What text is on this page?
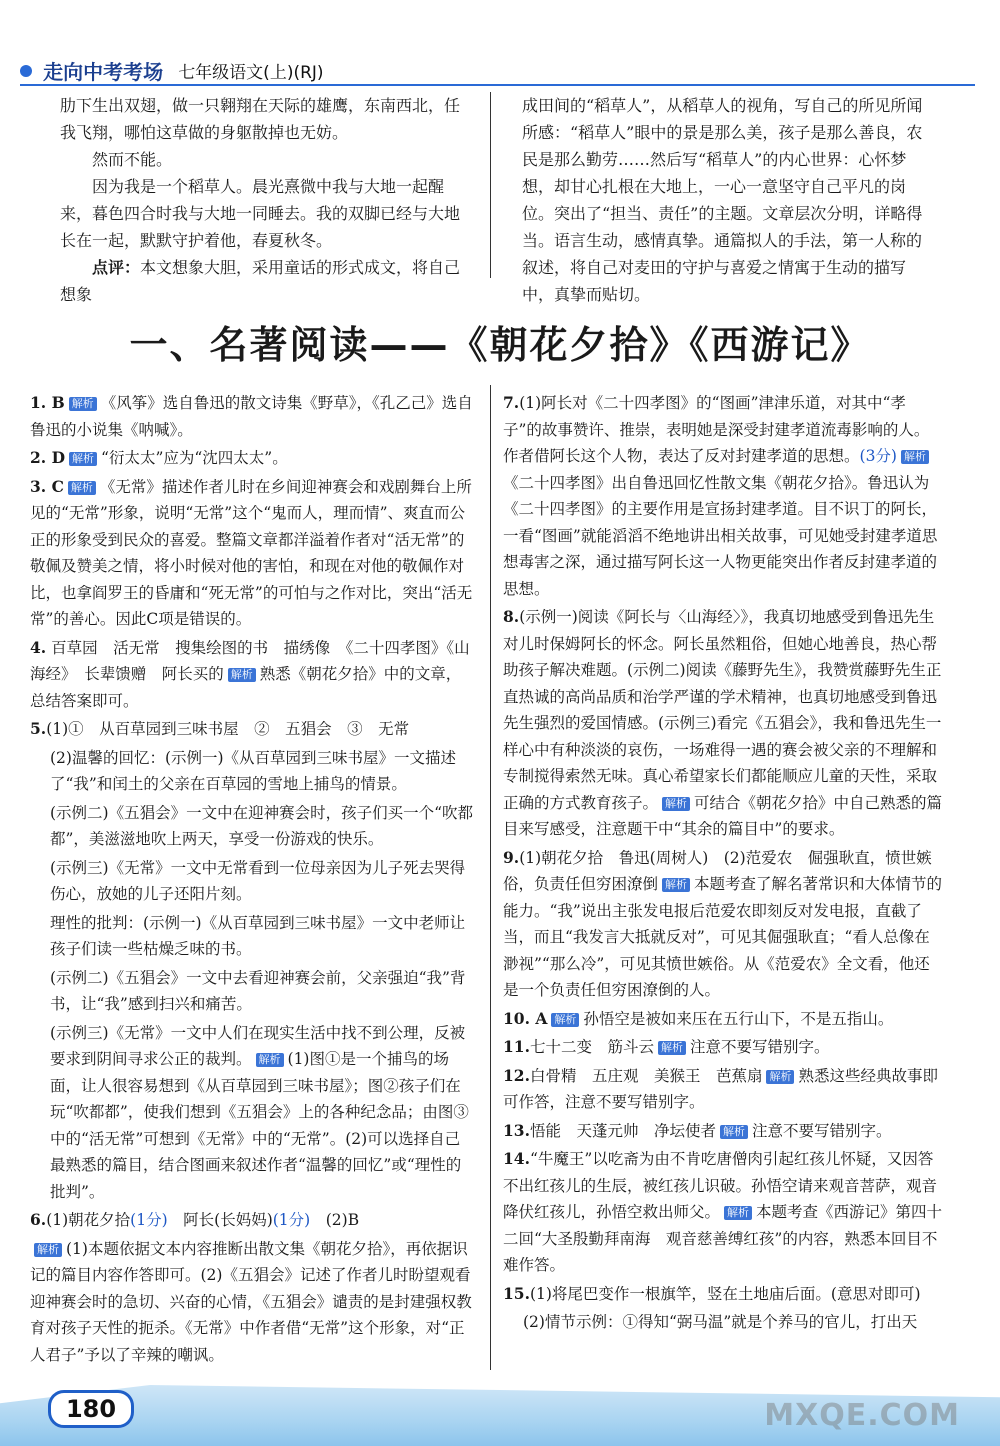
走向中考考场 七年级语文(上)(RJ)

肋下生出双翅，做一只翱翔在天际的雄鹰，东南西北，任我飞翔，哪怕这草做的身躯散掉也无妨。

然而不能。

因为我是一个稻草人。晨光熹微中我与大地一起醒来，暮色四合时我与大地一同睡去。我的双脚已经与大地长在一起，默默守护着他，春夏秋冬。

点评：本文想象大胆，采用童话的形式成文，将自己想象

成田间的“稻草人”，从稻草人的视角，写自己的所见所闻所感：“稻草人”眼中的景是那么美，孩子是那么善良，农民是那么勤劳……然后写“稻草人”的内心世界：心怀梦想，却甘心扎根在大地上，一心一意坚守自己平凡的岗位。突出了“担当、责任”的主题。文章层次分明，详略得当。语言生动，感情真挚。通篇拟人的手法，第一人称的叙述，将自己对麦田的守护与喜爱之情寓于生动的描写中，真挚而贴切。

一、名著阅读——《朝花夕拾》《西游记》

1. B 解析 《风筝》选自鲁迅的散文诗集《野草》，《孔乙己》选自鲁迅的小说集《呐喊》。

2. D 解析 “衍太太”应为“沈四太太”。

3. C 解析 《无常》描述作者儿时在乡间迎神赛会和戏剧舞台上所见的“无常”形象，说明“无常”这个“鬼而人，理而情”、爽直而公正的形象受到民众的喜爱。整篇文章都洋溢着作者对“活无常”的敬佩及赞美之情，将小时候对他的害怕，和现在对他的敬佩作对比，也拿阎罗王的昏庸和“死无常”的可怕与之作对比，突出“活无常”的善心。因此C项是错误的。

4. 百草园　活无常　搜集绘图的书　描绣像　《二十四孝图》《山海经》　长辈馈赠　阿长买的 解析 熟悉《朝花夕拾》中的文章，总结答案即可。

5.(1)①　从百草园到三味书屋　②　五猖会　③　无常

(2)温馨的回忆：(示例一)《从百草园到三味书屋》一文描述了“我”和闰土的父亲在百草园的雪地上捕鸟的情景。

(示例二)《五猖会》一文中在迎神赛会时，孩子们买一个“吹都都”，美滋滋地吹上两天，享受一份游戏的快乐。

(示例三)《无常》一文中无常看到一位母亲因为儿子死去哭得伤心，放她的儿子还阳片刻。

理性的批判：(示例一)《从百草园到三味书屋》一文中老师让孩子们读一些枯燥乏味的书。

(示例二)《五猖会》一文中去看迎神赛会前，父亲强迫“我”背书，让“我”感到扫兴和痛苦。

(示例三)《无常》一文中人们在现实生活中找不到公理，反被要求到阴间寻求公正的裁判。 解析 (1)图①是一个捕鸟的场面，让人很容易想到《从百草园到三味书屋》；图②孩子们在玩“吹都都”，使我们想到《五猖会》上的各种纪念品；由图③中的“活无常”可想到《无常》中的“无常”。(2)可以选择自己最熟悉的篇目，结合图画来叙述作者“温馨的回忆”或“理性的批判”。

6.(1)朝花夕拾(1分)　 阿长(长妈妈)(1分)　 (2)B

解析 (1)本题依据文本内容推断出散文集《朝花夕拾》，再依据识记的篇目内容作答即可。(2)《五猖会》记述了作者儿时盼望观看迎神赛会时的急切、兴奋的心情，《五猖会》谴责的是封建强权教育对孩子天性的扼杀。《无常》中作者借“无常”这个形象，对“正人君子”予以了辛辣的嘲讽。

7.(1)阿长对《二十四孝图》的“图画”津津乐道，对其中“孝子”的故事赞许、推崇，表明她是深受封建孝道流毒影响的人。作者借阿长这个人物，表达了反对封建孝道的思想。(3分) 解析《二十四孝图》出自鲁迅回忆性散文集《朝花夕拾》。鲁迅认为《二十四孝图》的主要作用是宣扬封建孝道。目不识丁的阿长，一看“图画”就能滔滔不绝地讲出相关故事，可见她受封建孝道思想毒害之深，通过描写阿长这一人物更能突出作者反封建孝道的思想。

8.(示例一)阅读《阿长与〈山海经〉》，我真切地感受到鲁迅先生对儿时保姆阿长的怀念。阿长虽然粗俗，但她心地善良，热心帮助孩子解决难题。(示例二)阅读《藤野先生》，我赞赏藤野先生正直热诚的高尚品质和治学严谨的学术精神，也真切地感受到鲁迅先生强烈的爱国情感。(示例三)看完《五猖会》，我和鲁迅先生一样心中有种淡淡的哀伤，一场难得一遇的赛会被父亲的不理解和专制搅得索然无味。真心希望家长们都能顺应儿童的天性，采取正确的方式教育孩子。 解析 可结合《朝花夕拾》中自己熟悉的篇目来写感受，注意题干中“其余的篇目中”的要求。

9.(1)朝花夕拾　鲁迅(周树人)　(2)范爱农　倔强耿直，愤世嫉俗，负责任但穷困潦倒 解析 本题考查了解名著常识和大体情节的能力。“我”说出主张发电报后范爱农即刻反对发电报，直截了当，而且“我发言大抵就反对”，可见其倔强耿直；“看人总像在渺视”“那么冷”，可见其愤世嫉俗。从《范爱农》全文看，他还是一个负责任但穷困潦倒的人。

10. A 解析 孙悟空是被如来压在五行山下，不是五指山。

11.七十二变　筋斗云 解析 注意不要写错别字。

12.白骨精　五庄观　美猴王　芭蕉扇 解析 熟悉这些经典故事即可作答，注意不要写错别字。

13.悟能　天蓬元帅　净坛使者 解析 注意不要写错别字。

14.“牛魔王”以吃斋为由不肯吃唐僧肉引起红孩儿怀疑，又因答不出红孩儿的生辰，被红孩儿识破。孙悟空请来观音菩萨，观音降伏红孩儿，孙悟空救出师父。 解析 本题考查《西游记》第四十二回“大圣殷勤拜南海　观音慈善缚红孩”的内容，熟悉本回目不难作答。

15.(1)将尾巴变作一根旗竿，竖在土地庙后面。(意思对即可)

(2)情节示例：①得知“弼马温”就是个养马的官儿，打出天

180	MXQE.COM
